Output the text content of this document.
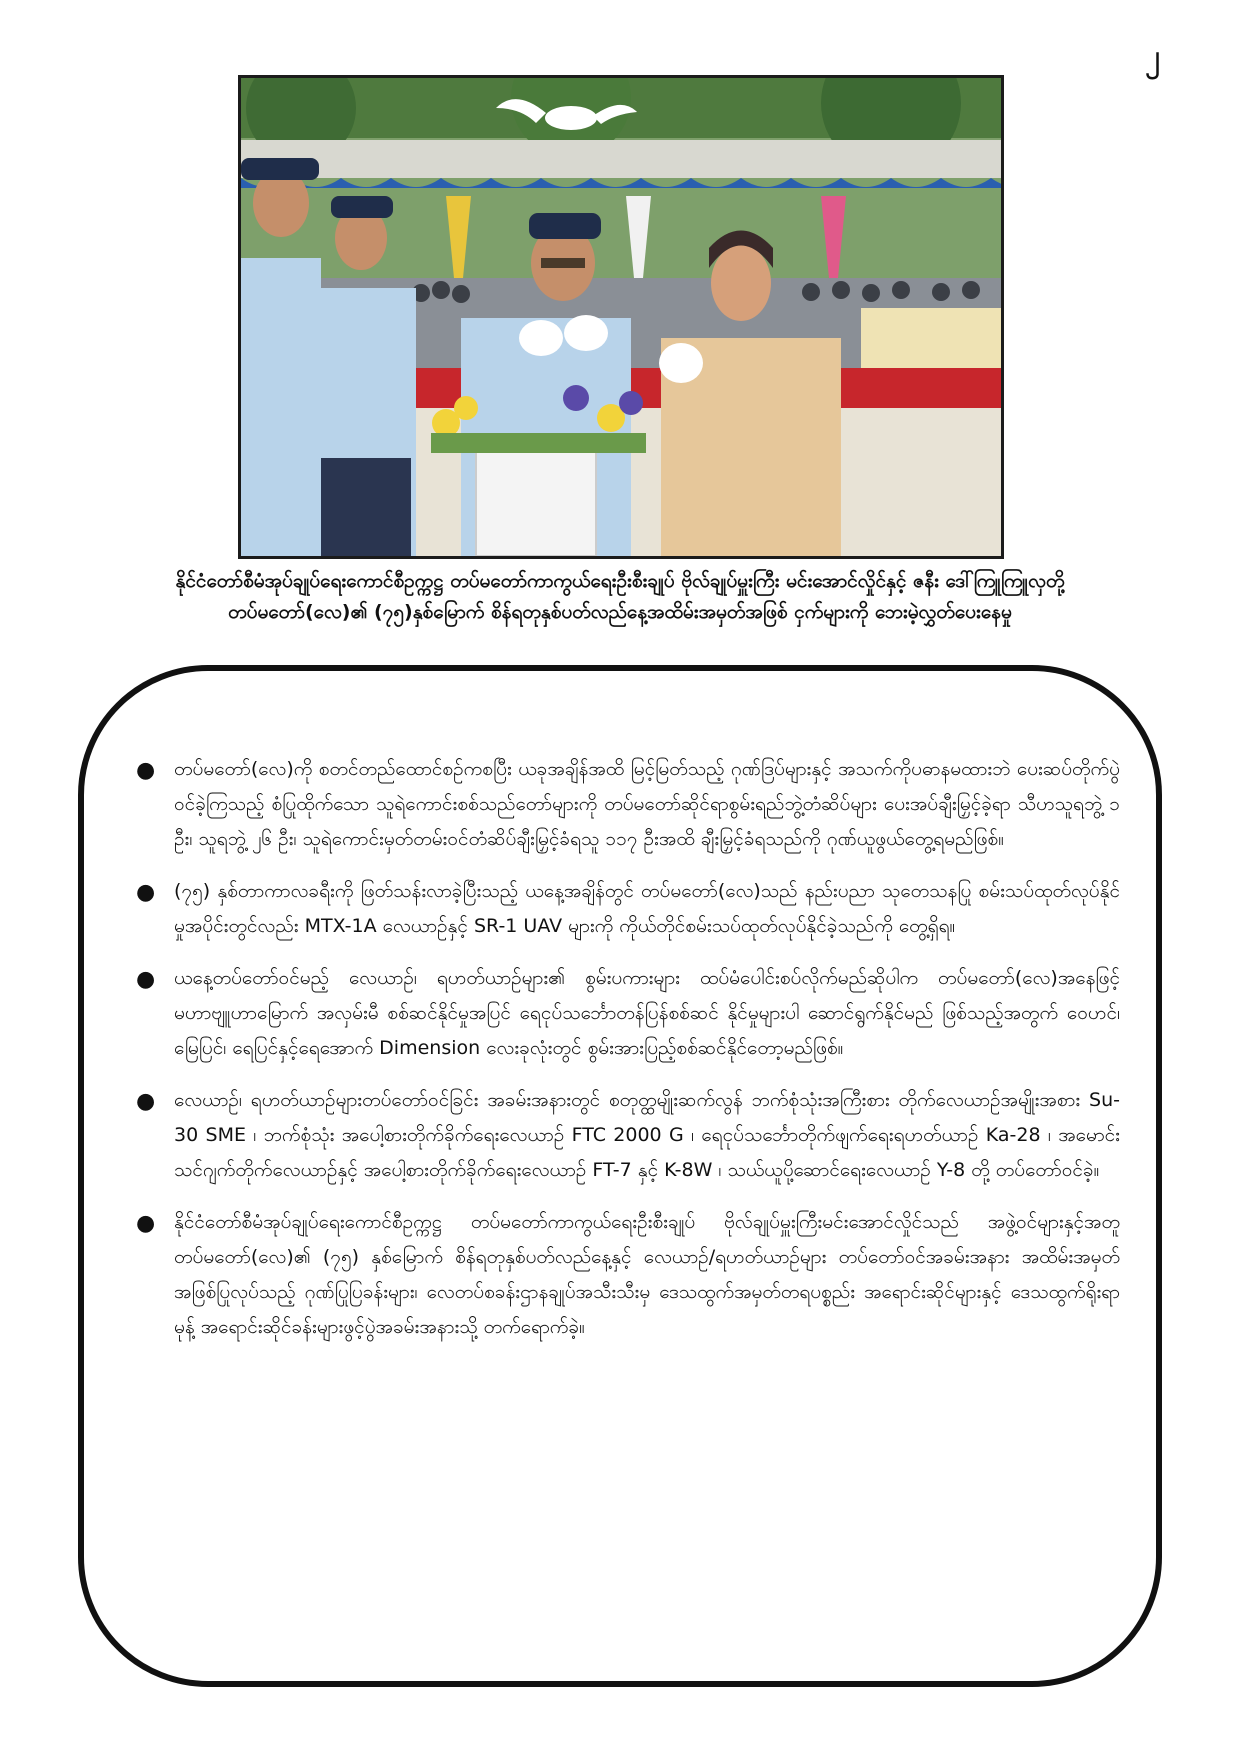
၂

နိုင်ငံတော်စီမံအုပ်ချုပ်ရေးကောင်စီဥက္ကဋ္ဌ တပ်မတော်ကာကွယ်ရေးဦးစီးချုပ် ဗိုလ်ချုပ်မှူးကြီး မင်းအောင်လှိုင်နှင့် ဇနီး ဒေါ်ကြူကြူလှတို့

တပ်မတော်(လေ)၏ (၇၅)နှစ်မြောက် စိန်ရတုနှစ်ပတ်လည်နေ့အထိမ်းအမှတ်အဖြစ် ငှက်များကို ဘေးမဲ့လွှတ်ပေးနေမှု

● တပ်မတော်(လေ)ကို စတင်တည်ထောင်စဉ်ကစပြီး ယခုအချိန်အထိ မြင့်မြတ်သည့် ဂုဏ်ဒြပ်များနှင့် အသက်ကိုပဓာနမထားဘဲ ပေးဆပ်တိုက်ပွဲဝင်ခဲ့ကြသည့် စံပြုထိုက်သော သူရဲကောင်းစစ်သည်တော်များကို တပ်မတော်ဆိုင်ရာစွမ်းရည်ဘွဲ့တံဆိပ်များ ပေးအပ်ချီးမြှင့်ခဲ့ရာ သီဟသူရဘွဲ့ ၁ ဦး၊ သူရဘွဲ့ ၂၆ ဦး၊ သူရဲကောင်းမှတ်တမ်းဝင်တံဆိပ်ချီးမြှင့်ခံရသူ ၁၁၇ ဦးအထိ ချီးမြှင့်ခံရသည်ကို ဂုဏ်ယူဖွယ်တွေ့ရမည်ဖြစ်။
● (၇၅) နှစ်တာကာလခရီးကို ဖြတ်သန်းလာခဲ့ပြီးသည့် ယနေ့အချိန်တွင် တပ်မတော်(လေ)သည် နည်းပညာ သုတေသနပြု စမ်းသပ်ထုတ်လုပ်နိုင်မှုအပိုင်းတွင်လည်း MTX-1A လေယာဉ်နှင့် SR-1 UAV များကို ကိုယ်တိုင်စမ်းသပ်ထုတ်လုပ်နိုင်ခဲ့သည်ကို တွေ့ရှိရ။
● ယနေ့တပ်တော်ဝင်မည့် လေယာဉ်၊ ရဟတ်ယာဉ်များ၏ စွမ်းပကားများ ထပ်မံပေါင်းစပ်လိုက်မည်ဆိုပါက တပ်မတော်(လေ)အနေဖြင့် မဟာဗျူဟာမြောက် အလှမ်းမီ စစ်ဆင်နိုင်မှုအပြင် ရေငုပ်သင်္ဘောတန်ပြန်စစ်ဆင် နိုင်မှုများပါ ဆောင်ရွက်နိုင်မည် ဖြစ်သည့်အတွက် ဝေဟင်၊ မြေပြင်၊ ရေပြင်နှင့်ရေအောက် Dimension လေးခုလုံးတွင် စွမ်းအားပြည့်စစ်ဆင်နိုင်တော့မည်ဖြစ်။
● လေယာဉ်၊ ရဟတ်ယာဉ်များတပ်တော်ဝင်ခြင်း အခမ်းအနားတွင် စတုတ္ထမျိုးဆက်လွန် ဘက်စုံသုံးအကြီးစား တိုက်လေယာဉ်အမျိုးအစား Su-30 SME ၊ ဘက်စုံသုံး အပေါ့စားတိုက်ခိုက်ရေးလေယာဉ် FTC 2000 G ၊ ရေငုပ်သင်္ဘောတိုက်ဖျက်ရေးရဟတ်ယာဉ် Ka-28 ၊ အမောင်းသင်ဂျက်တိုက်လေယာဉ်နှင့် အပေါ့စားတိုက်ခိုက်ရေးလေယာဉ် FT-7 နှင့် K-8W ၊ သယ်ယူပို့ဆောင်ရေးလေယာဉ် Y-8 တို့ တပ်တော်ဝင်ခဲ့။
● နိုင်ငံတော်စီမံအုပ်ချုပ်ရေးကောင်စီဥက္ကဋ္ဌ တပ်မတော်ကာကွယ်ရေးဦးစီးချုပ် ဗိုလ်ချုပ်မှူးကြီးမင်းအောင်လှိုင်သည် အဖွဲ့ဝင်များနှင့်အတူ တပ်မတော်(လေ)၏ (၇၅) နှစ်မြောက် စိန်ရတုနှစ်ပတ်လည်နေ့နှင့် လေယာဉ်/ရဟတ်ယာဉ်များ တပ်တော်ဝင်အခမ်းအနား အထိမ်းအမှတ်အဖြစ်ပြုလုပ်သည့် ဂုဏ်ပြုပြခန်းများ၊ လေတပ်စခန်းဌာနချုပ်အသီးသီးမှ ဒေသထွက်အမှတ်တရပစ္စည်း အရောင်းဆိုင်များနှင့် ဒေသထွက်ရိုးရာမုန့် အရောင်းဆိုင်ခန်းများဖွင့်ပွဲအခမ်းအနားသို့ တက်ရောက်ခဲ့။
